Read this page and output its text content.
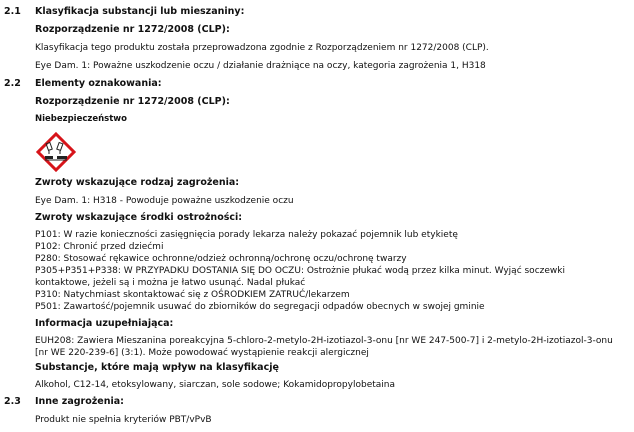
2.1 Klasyfikacja substancji lub mieszaniny:
Rozporządzenie nr 1272/2008 (CLP):
Klasyfikacja tego produktu została przeprowadzona zgodnie z Rozporządzeniem nr 1272/2008 (CLP).
Eye Dam. 1: Poważne uszkodzenie oczu / działanie drażniące na oczy, kategoria zagrożenia 1, H318
2.2 Elementy oznakowania:
Rozporządzenie nr 1272/2008 (CLP):
Niebezpieczeństwo
Zwroty wskazujące rodzaj zagrożenia:
Eye Dam. 1: H318 - Powoduje poważne uszkodzenie oczu
Zwroty wskazujące środki ostrożności:
P101: W razie konieczności zasięgnięcia porady lekarza należy pokazać pojemnik lub etykietę
P102: Chronić przed dziećmi
P280: Stosować rękawice ochronne/odzież ochronną/ochronę oczu/ochronę twarzy
P305+P351+P338: W PRZYPADKU DOSTANIA SIĘ DO OCZU: Ostrożnie płukać wodą przez kilka minut. Wyjąć soczewki
kontaktowe, jeżeli są i można je łatwo usunąć. Nadal płukać
P310: Natychmiast skontaktować się z OŚRODKIEM ZATRUĆ/lekarzem
P501: Zawartość/pojemnik usuwać do zbiorników do segregacji odpadów obecnych w swojej gminie
Informacja uzupełniająca:
EUH208: Zawiera Mieszanina poreakcyjna 5-chloro-2-metylo-2H-izotiazol-3-onu [nr WE 247-500-7] i 2-metylo-2H-izotiazol-3-onu
[nr WE 220-239-6] (3:1). Może powodować wystąpienie reakcji alergicznej
Substancje, które mają wpływ na klasyfikację
Alkohol, C12-14, etoksylowany, siarczan, sole sodowe; Kokamidopropylobetaina
2.3 Inne zagrożenia:
Produkt nie spełnia kryteriów PBT/vPvB
